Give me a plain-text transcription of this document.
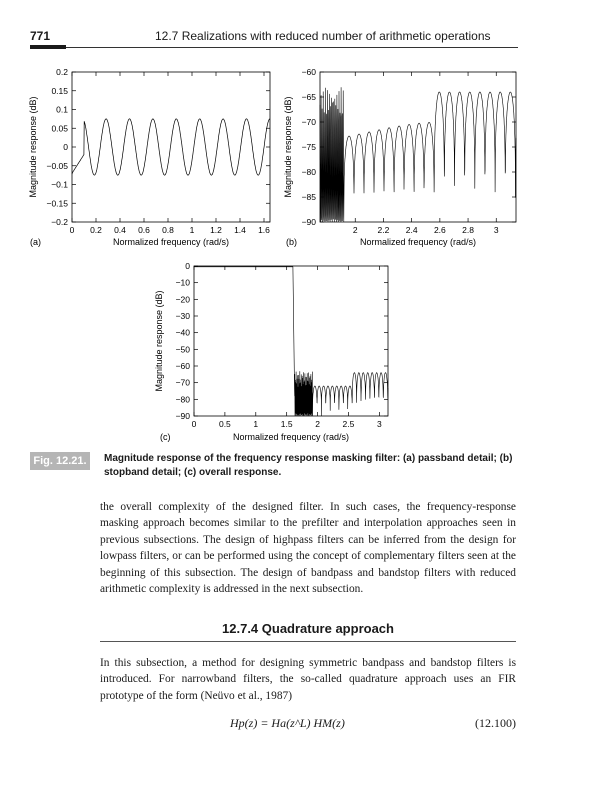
771	12.7 Realizations with reduced number of arithmetic operations
0.2
0.15
0.1
0.05
0
−0.05
−0.1
−0.15
−0.2
0 0.2 0.4 0.6 0.8 1 1.2 1.4 1.6
Normalized frequency (rad/s)
Magnitude response (dB)
(a)
−60
−65
−70
−75
−80
−85
−90
2 2.2 2.4 2.6 2.8 3
Normalized frequency (rad/s)
Magnitude response (dB)
(b)
0
−10
−20
−30
−40
−50
−60
−70
−80
−90
0	0.5	1	1.5	2	2.5	3
Normalized frequency (rad/s)
Magnitude response (dB)
(c)
Fig. 12.21.	Magnitude response of the frequency response masking filter: (a) passband detail; (b) stopband detail; (c) overall response.
the overall complexity of the designed filter. In such cases, the frequency-response masking approach becomes similar to the prefilter and interpolation approaches seen in previous subsections. The design of highpass filters can be inferred from the design for lowpass filters, or can be performed using the concept of complementary filters seen at the beginning of this subsection. The design of bandpass and bandstop filters with reduced arithmetic complexity is addressed in the next subsection.
12.7.4 Quadrature approach
In this subsection, a method for designing symmetric bandpass and bandstop filters is introduced. For narrowband filters, the so-called quadrature approach uses an FIR prototype of the form (Neüvo et al., 1987)
Hp(z) = Ha(z^L) HM(z)	(12.100)
